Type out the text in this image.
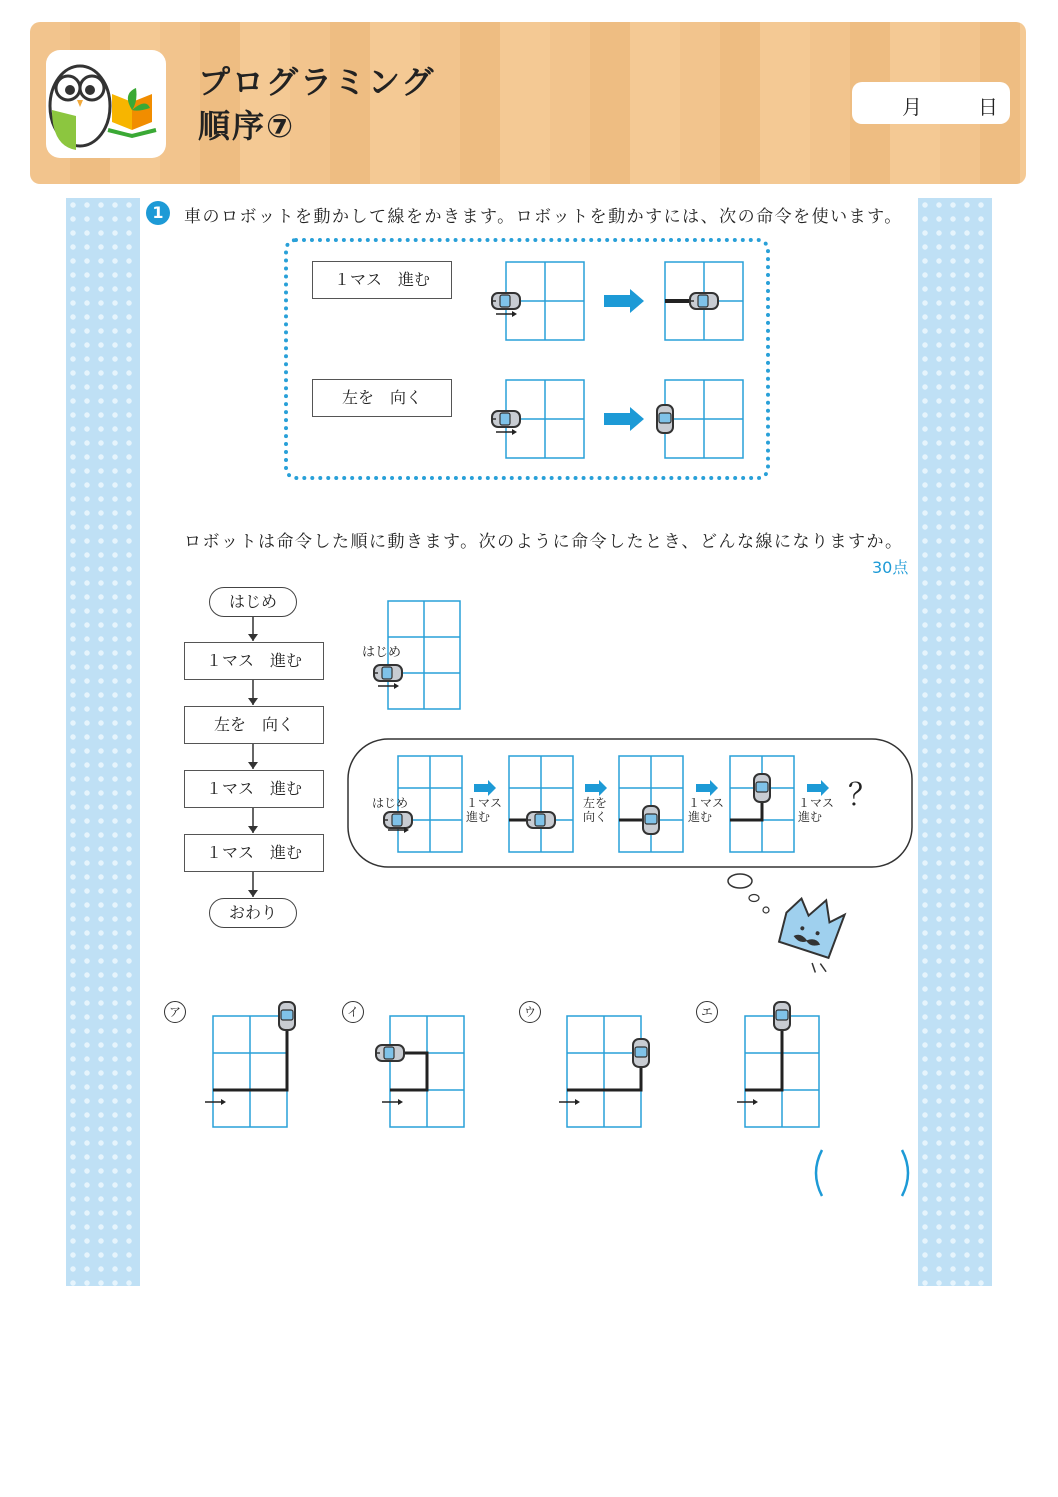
プログラミング
順序⑦	月	日
1	車のロボットを動かして線をかきます。ロボットを動かすには、次の命令を使います。
１マス　進む
左を　向く
ロボットは命令した順に動きます。次のように命令したとき、どんな線になりますか。
30点
はじめ
１マス　進む
左を　向く
１マス　進む
１マス　進む
おわり
はじめ
はじめ	１マス
進む
左を
向く
１マス
進む
１マス
進む
？
ア	イ	ウ	エ
